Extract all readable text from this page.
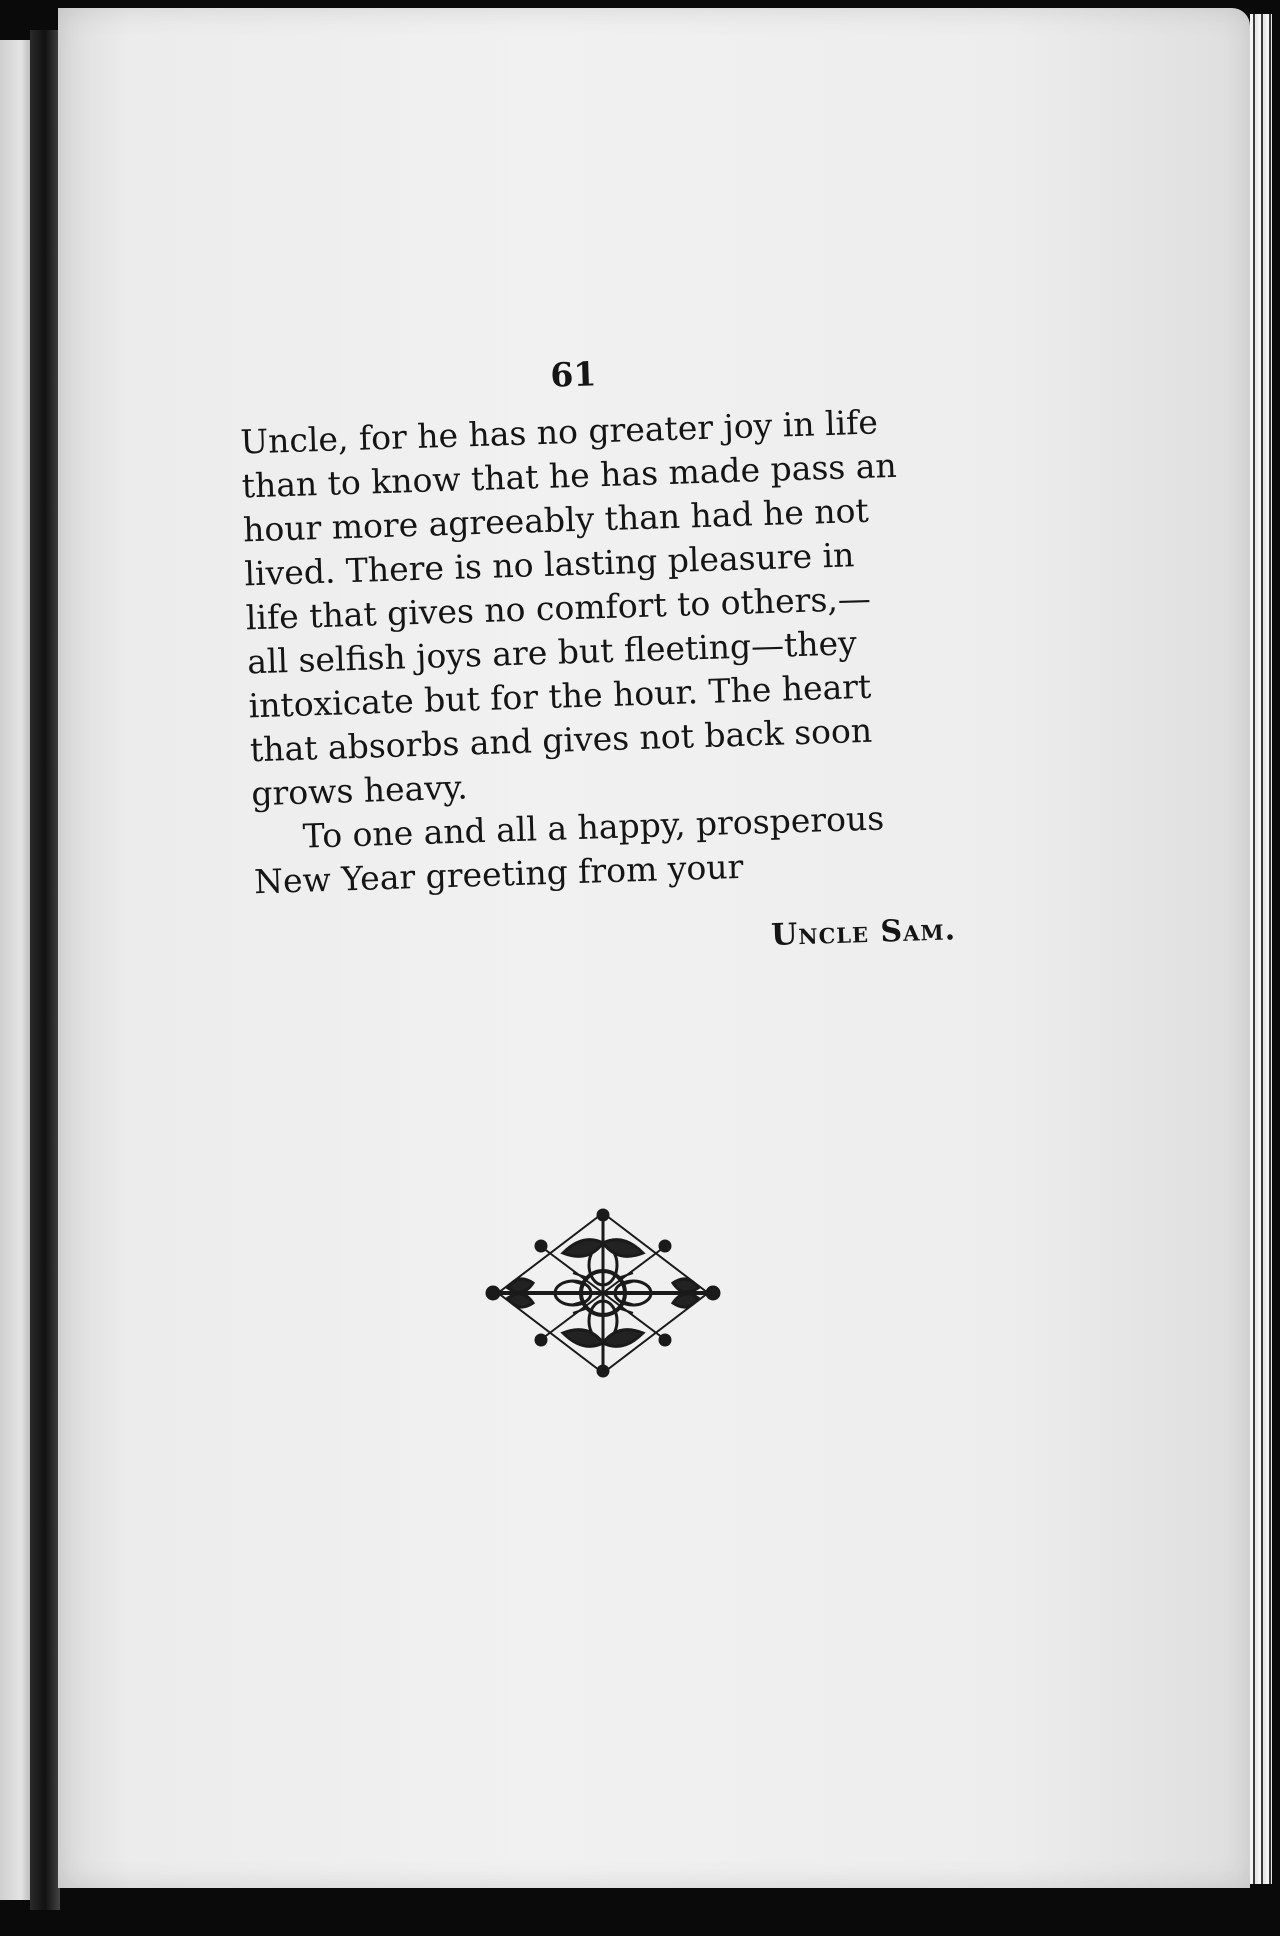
61
Uncle, for he has no greater joy in life
than to know that he has made pass an
hour more agreeably than had he not
lived. There is no lasting pleasure in
life that gives no comfort to others,—
all selfish joys are but fleeting—they
intoxicate but for the hour. The heart
that absorbs and gives not back soon
grows heavy.
To one and all a happy, prosperous
New Year greeting from your
Uncle Sam.
